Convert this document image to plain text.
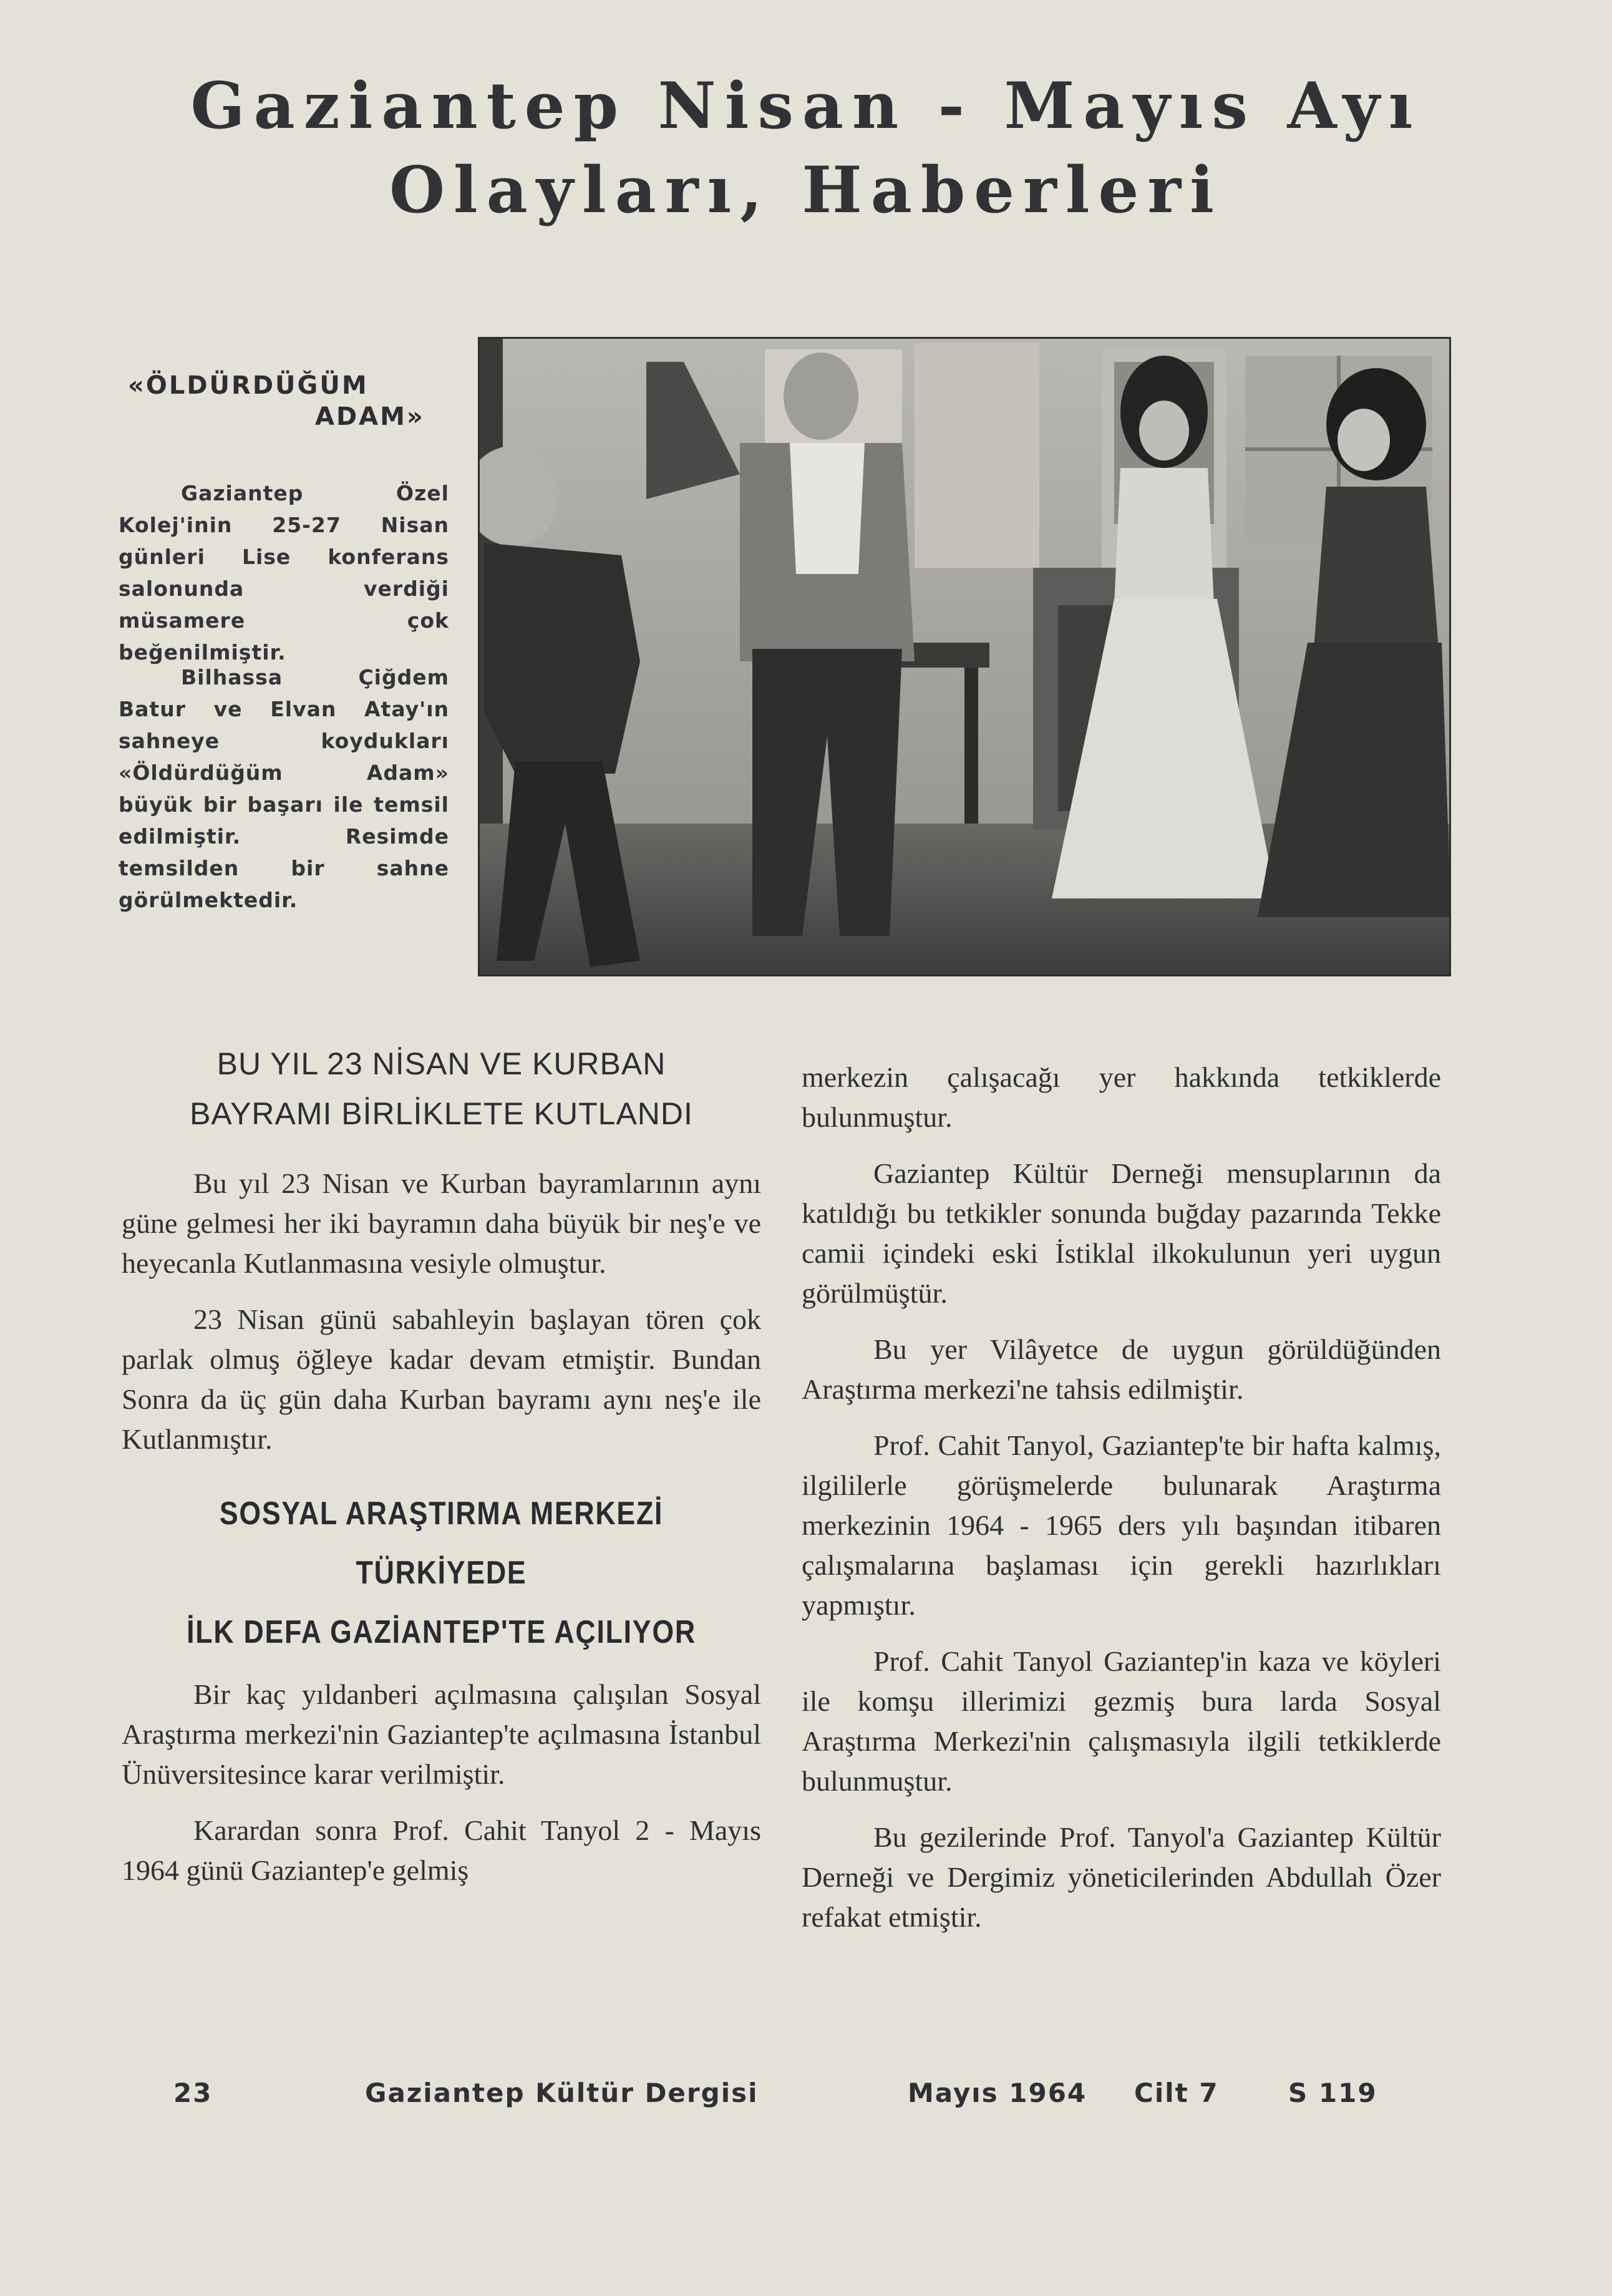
Gaziantep Nisan - Mayıs Ayı
Olayları, Haberleri
«ÖLDÜRDÜĞÜM
ADAM»

Gaziantep Özel Kolej'inin 25-27 Nisan günleri Lise konferans salonunda verdiği müsamere çok beğenilmiştir.

Bilhassa Çiğdem Batur ve Elvan Atay'ın sahneye koydukları «Öldürdüğüm Adam» büyük bir başarı ile temsil edilmiştir. Resimde temsilden bir sahne görülmektedir.

BU YIL 23 NİSAN VE KURBAN
BAYRAMI BİRLİKLETE KUTLANDI

Bu yıl 23 Nisan ve Kurban bayramlarının aynı güne gelmesi her iki bayramın daha büyük bir neş'e ve heyecanla Kutlanmasına vesiyle olmuştur.

23 Nisan günü sabahleyin başlayan tören çok parlak olmuş öğleye kadar devam etmiştir. Bundan Sonra da üç gün daha Kurban bayramı aynı neş'e ile Kutlanmıştır.

SOSYAL ARAŞTIRMA MERKEZİ TÜRKİYEDE
İLK DEFA GAZİANTEP'TE AÇILIYOR

Bir kaç yıldanberi açılmasına çalışılan Sosyal Araştırma merkezi'nin Gaziantep'te açılmasına İstanbul Ünüversitesince karar verilmiştir.

Karardan sonra Prof. Cahit Tanyol 2 - Mayıs 1964 günü Gaziantep'e gelmiş

merkezin çalışacağı yer hakkında tetkiklerde bulunmuştur.

Gaziantep Kültür Derneği mensuplarının da katıldığı bu tetkikler sonunda buğday pazarında Tekke camii içindeki eski İstiklal ilkokulunun yeri uygun görülmüştür.

Bu yer Vilâyetce de uygun görüldüğünden Araştırma merkezi'ne tahsis edilmiştir.

Prof. Cahit Tanyol, Gaziantep'te bir hafta kalmış, ilgililerle görüşmelerde bulunarak Araştırma merkezinin 1964 - 1965 ders yılı başından itibaren çalışmalarına başlaması için gerekli hazırlıkları yapmıştır.

Prof. Cahit Tanyol Gaziantep'in kaza ve köyleri ile komşu illerimizi gezmiş bura larda Sosyal Araştırma Merkezi'nin çalışmasıyla ilgili tetkiklerde bulunmuştur.

Bu gezilerinde Prof. Tanyol'a Gaziantep Kültür Derneği ve Dergimiz yöneticilerinden Abdullah Özer refakat etmiştir.

23	Gaziantep Kültür Dergisi	Mayıs 1964 Cilt 7	S 119
